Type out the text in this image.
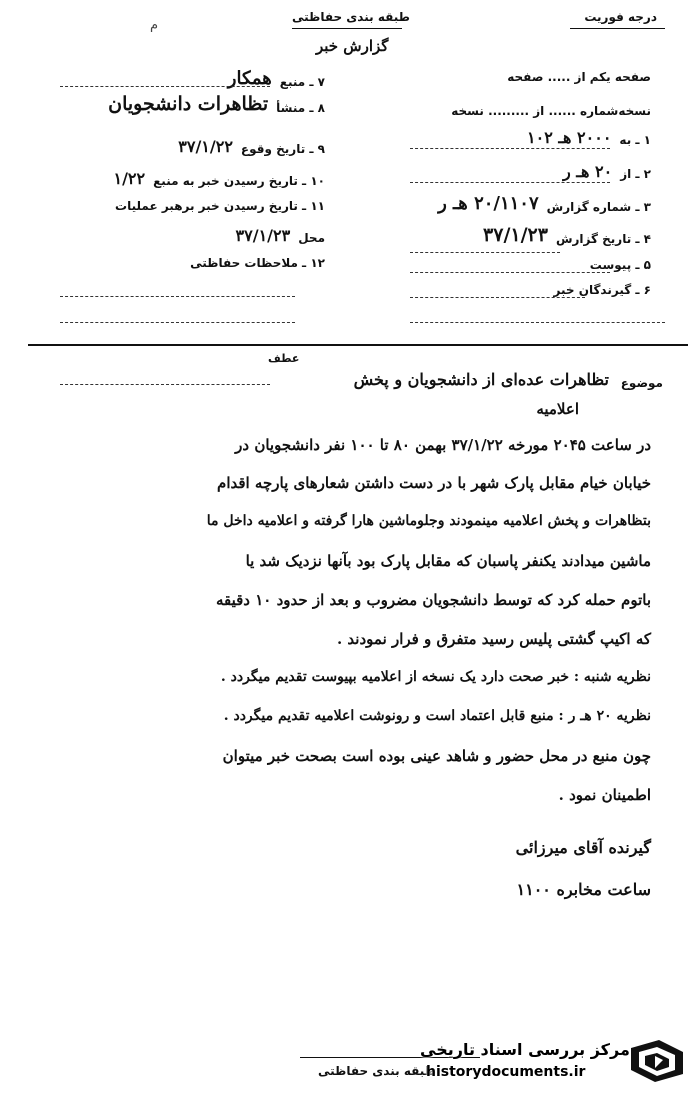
درجه فوریت
طبقه بندی حفاظتی
گزارش خبر
م
صفحه یکم از ..... صفحه
نسخه‌شماره ...... از ......... نسخه
۱ ـ به
۲۰۰۰ هـ ۱۰۲
۲ ـ از
۲۰ هـ ر
۳ ـ شماره گزارش
۲۰/۱۱۰۷ هـ ر
۴ ـ تاریخ گزارش
۳۷/۱/۲۳
۵ ـ پیوست
۶ ـ گیرندگان خبر
۷ ـ منبع
همکار
۸ ـ منشأ
تظاهرات دانشجویان
۹ ـ تاریخ وقوع
۳۷/۱/۲۲
۱۰ ـ تاریخ رسیدن خبر به منبع
۱/۲۲
۱۱ ـ تاریخ رسیدن خبر برهبر عملیات
محل
۳۷/۱/۲۳
۱۲ ـ ملاحظات حفاظتی
موضوع
عطف
تظاهرات عده‌ای از دانشجویان و پخش
اعلامیه
در ساعت ۲۰۴۵ مورخه ۳۷/۱/۲۲ بهمن ۸۰ تا ۱۰۰ نفر دانشجویان در
خیابان خیام مقابل پارک شهر با در دست داشتن شعارهای پارچه اقدام
بتظاهرات و پخش اعلامیه مینمودند وجلوماشین هارا گرفته و اعلامیه داخل ما
ماشین میدادند یکنفر پاسبان که مقابل پارک بود بآنها نزدیک شد یا
باتوم حمله کرد که توسط دانشجویان مضروب و بعد از حدود ۱۰ دقیقه
که اکیپ گشتی پلیس رسید متفرق و فرار نمودند .
نظریه شنبه : خبر صحت دارد یک نسخه از اعلامیه بپیوست تقدیم میگردد .
نظریه ۲۰ هـ ر : منبع قابل اعتماد است و رونوشت اعلامیه تقدیم میگردد .
چون منبع در محل حضور و شاهد عینی بوده است بصحت خبر میتوان
اطمینان نمود .
گیرنده آقای میرزائی
ساعت مخابره ۱۱۰۰
طبقه بندی حفاظتی
مرکز بررسی اسناد تاریخی
historydocuments.ir
